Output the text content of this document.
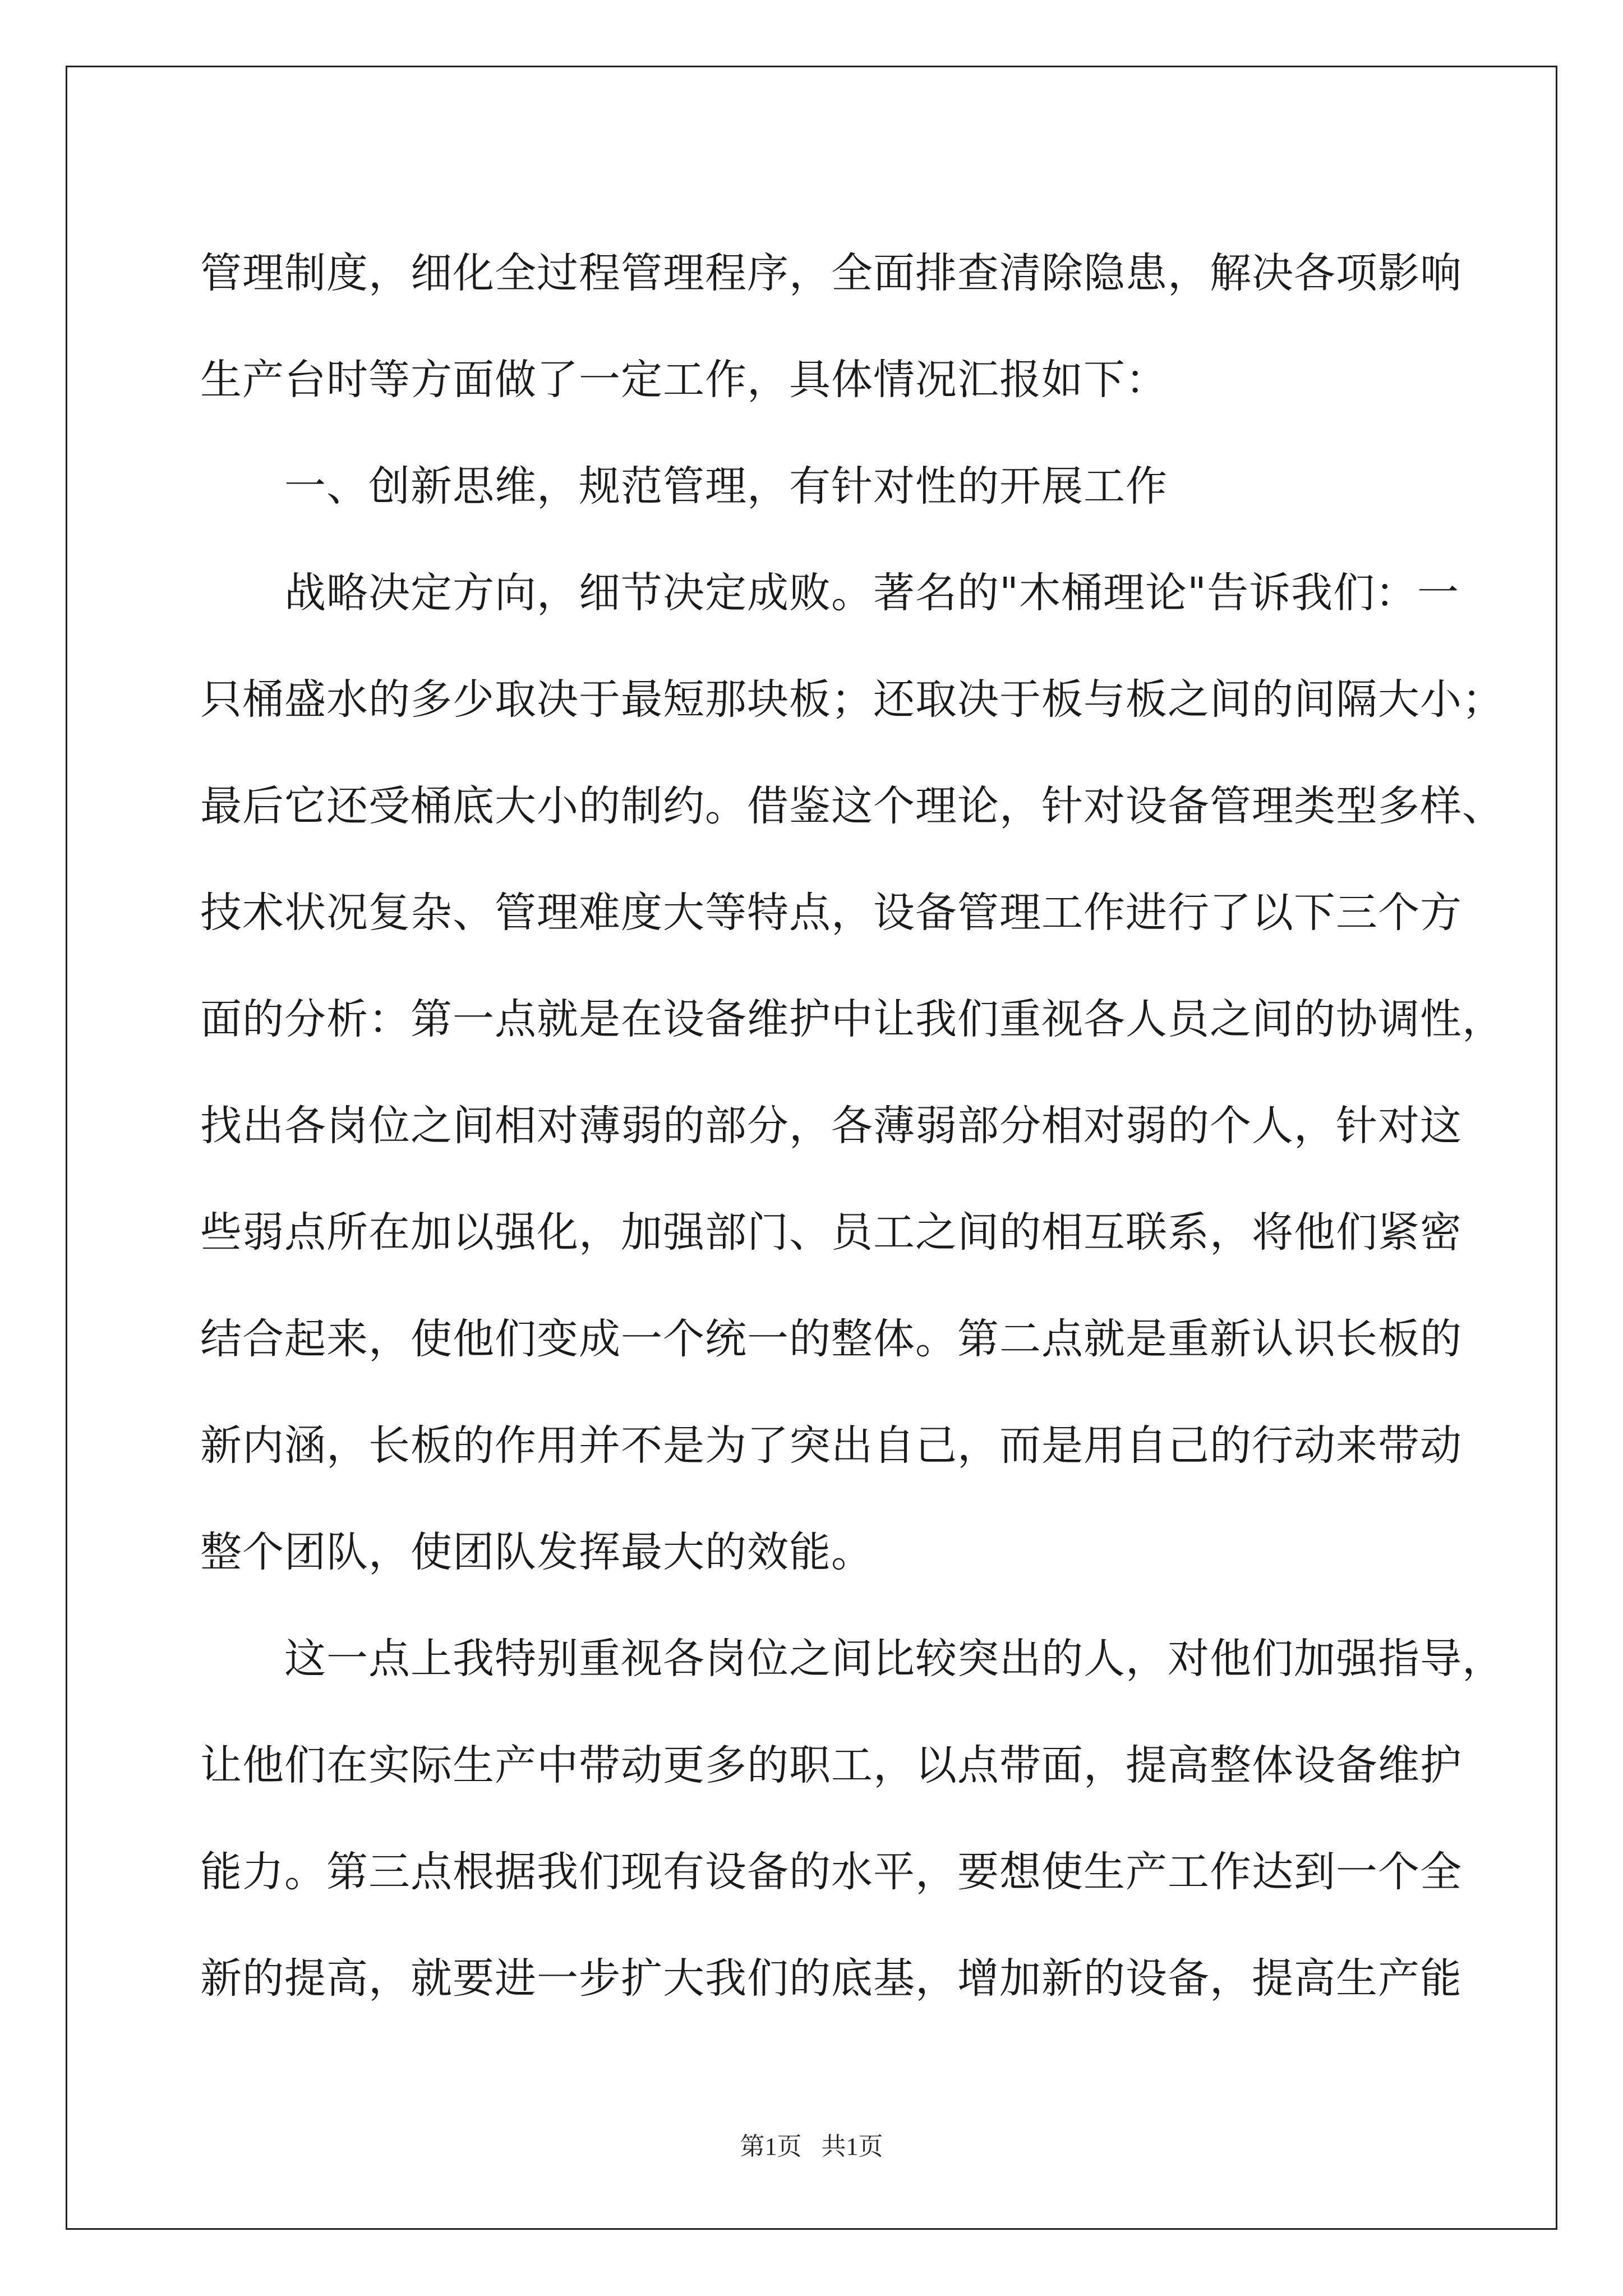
管理制度，细化全过程管理程序，全面排查清除隐患，解决各项影响
生产台时等方面做了一定工作，具体情况汇报如下：
一、创新思维，规范管理，有针对性的开展工作
战略决定方向，细节决定成败。著名的"木桶理论"告诉我们：一
只桶盛水的多少取决于最短那块板；还取决于板与板之间的间隔大小；
最后它还受桶底大小的制约。借鉴这个理论，针对设备管理类型多样、
技术状况复杂、管理难度大等特点，设备管理工作进行了以下三个方
面的分析：第一点就是在设备维护中让我们重视各人员之间的协调性，
找出各岗位之间相对薄弱的部分，各薄弱部分相对弱的个人，针对这
些弱点所在加以强化，加强部门、员工之间的相互联系，将他们紧密
结合起来，使他们变成一个统一的整体。第二点就是重新认识长板的
新内涵，长板的作用并不是为了突出自己，而是用自己的行动来带动
整个团队，使团队发挥最大的效能。
这一点上我特别重视各岗位之间比较突出的人，对他们加强指导，
让他们在实际生产中带动更多的职工，以点带面，提高整体设备维护
能力。第三点根据我们现有设备的水平，要想使生产工作达到一个全
新的提高，就要进一步扩大我们的底基，增加新的设备，提高生产能
第1页 共1页
